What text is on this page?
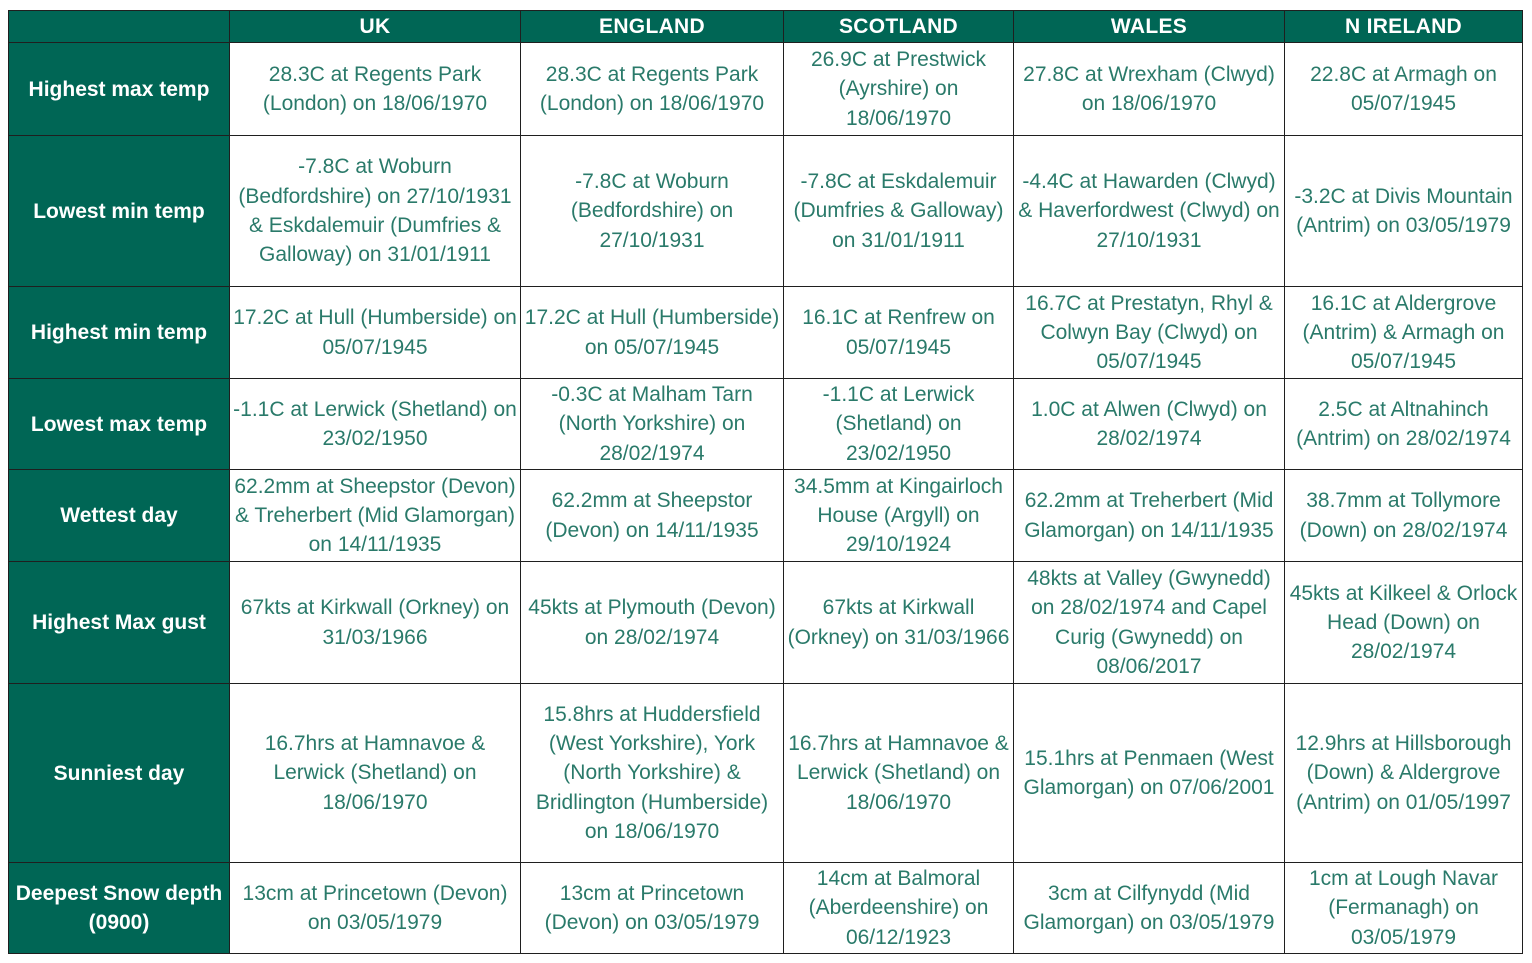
	UK	ENGLAND	SCOTLAND	WALES	N IRELAND
Highest max temp	28.3C at Regents Park (London) on 18/06/1970	28.3C at Regents Park (London) on 18/06/1970	26.9C at Prestwick (Ayrshire) on 18/06/1970	27.8C at Wrexham (Clwyd) on 18/06/1970	22.8C at Armagh on 05/07/1945
Lowest min temp	-7.8C at Woburn (Bedfordshire) on 27/10/1931 & Eskdalemuir (Dumfries & Galloway) on 31/01/1911	-7.8C at Woburn (Bedfordshire) on 27/10/1931	-7.8C at Eskdalemuir (Dumfries & Galloway) on 31/01/1911	-4.4C at Hawarden (Clwyd) & Haverfordwest (Clwyd) on 27/10/1931	-3.2C at Divis Mountain (Antrim) on 03/05/1979
Highest min temp	17.2C at Hull (Humberside) on 05/07/1945	17.2C at Hull (Humberside) on 05/07/1945	16.1C at Renfrew on 05/07/1945	16.7C at Prestatyn, Rhyl & Colwyn Bay (Clwyd) on 05/07/1945	16.1C at Aldergrove (Antrim) & Armagh on 05/07/1945
Lowest max temp	-1.1C at Lerwick (Shetland) on 23/02/1950	-0.3C at Malham Tarn (North Yorkshire) on 28/02/1974	-1.1C at Lerwick (Shetland) on 23/02/1950	1.0C at Alwen (Clwyd) on 28/02/1974	2.5C at Altnahinch (Antrim) on 28/02/1974
Wettest day	62.2mm at Sheepstor (Devon) & Treherbert (Mid Glamorgan) on 14/11/1935	62.2mm at Sheepstor (Devon) on 14/11/1935	34.5mm at Kingairloch House (Argyll) on 29/10/1924	62.2mm at Treherbert (Mid Glamorgan) on 14/11/1935	38.7mm at Tollymore (Down) on 28/02/1974
Highest Max gust	67kts at Kirkwall (Orkney) on 31/03/1966	45kts at Plymouth (Devon) on 28/02/1974	67kts at Kirkwall (Orkney) on 31/03/1966	48kts at Valley (Gwynedd) on 28/02/1974 and Capel Curig (Gwynedd) on 08/06/2017	45kts at Kilkeel & Orlock Head (Down) on 28/02/1974
Sunniest day	16.7hrs at Hamnavoe & Lerwick (Shetland) on 18/06/1970	15.8hrs at Huddersfield (West Yorkshire), York (North Yorkshire) & Bridlington (Humberside) on 18/06/1970	16.7hrs at Hamnavoe & Lerwick (Shetland) on 18/06/1970	15.1hrs at Penmaen (West Glamorgan) on 07/06/2001	12.9hrs at Hillsborough (Down) & Aldergrove (Antrim) on 01/05/1997
Deepest Snow depth (0900)	13cm at Princetown (Devon) on 03/05/1979	13cm at Princetown (Devon) on 03/05/1979	14cm at Balmoral (Aberdeenshire) on 06/12/1923	3cm at Cilfynydd (Mid Glamorgan) on 03/05/1979	1cm at Lough Navar (Fermanagh) on 03/05/1979
